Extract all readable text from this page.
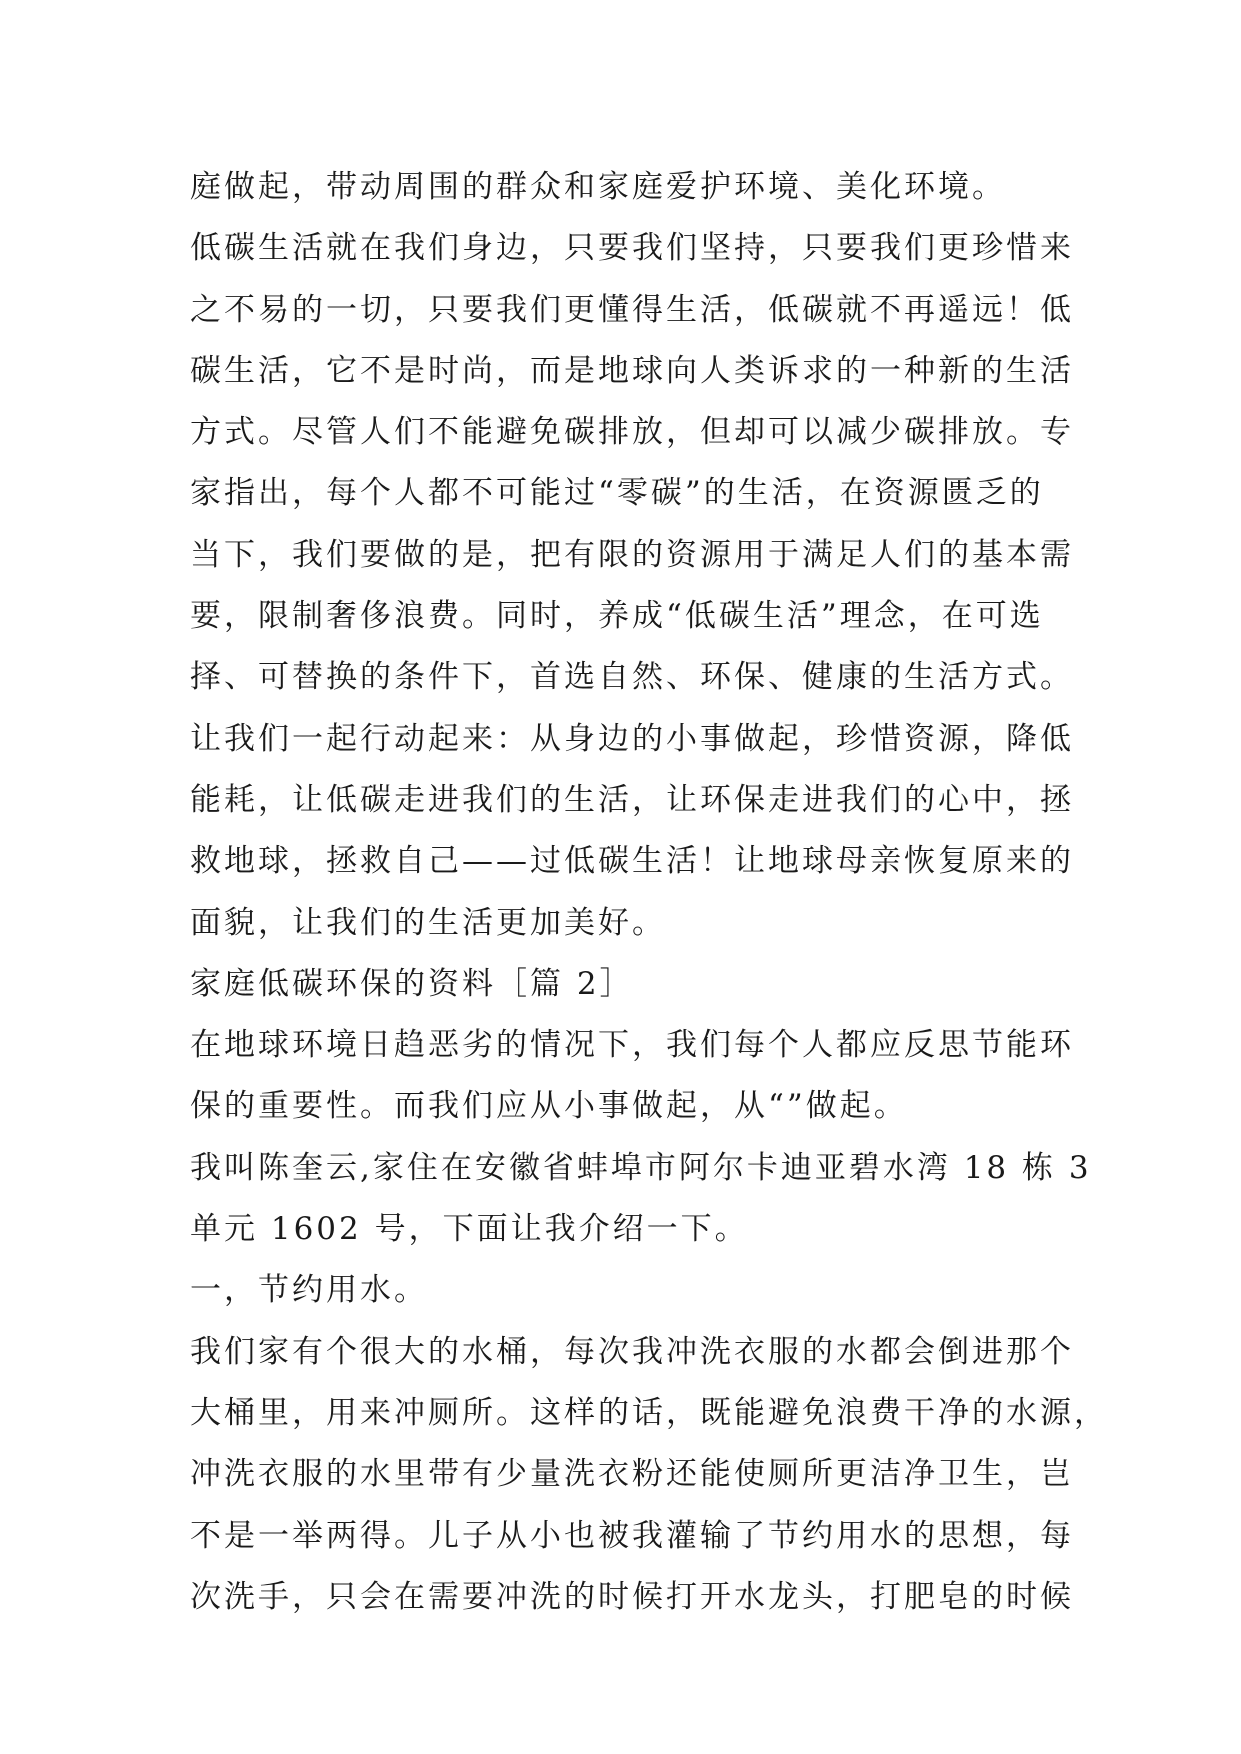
庭做起，带动周围的群众和家庭爱护环境、美化环境。
低碳生活就在我们身边，只要我们坚持，只要我们更珍惜来
之不易的一切，只要我们更懂得生活，低碳就不再遥远！低
碳生活，它不是时尚，而是地球向人类诉求的一种新的生活
方式。尽管人们不能避免碳排放，但却可以减少碳排放。专
家指出，每个人都不可能过“零碳”的生活，在资源匮乏的
当下，我们要做的是，把有限的资源用于满足人们的基本需
要，限制奢侈浪费。同时，养成“低碳生活”理念，在可选
择、可替换的条件下，首选自然、环保、健康的生活方式。
让我们一起行动起来：从身边的小事做起，珍惜资源，降低
能耗，让低碳走进我们的生活，让环保走进我们的心中，拯
救地球，拯救自己——过低碳生活！让地球母亲恢复原来的
面貌，让我们的生活更加美好。
家庭低碳环保的资料［篇 2］
在地球环境日趋恶劣的情况下，我们每个人都应反思节能环
保的重要性。而我们应从小事做起，从“”做起。
我叫陈奎云,家住在安徽省蚌埠市阿尔卡迪亚碧水湾 18 栋 3
单元 1602 号，下面让我介绍一下。
一，节约用水。
我们家有个很大的水桶，每次我冲洗衣服的水都会倒进那个
大桶里，用来冲厕所。这样的话，既能避免浪费干净的水源，
冲洗衣服的水里带有少量洗衣粉还能使厕所更洁净卫生，岂
不是一举两得。儿子从小也被我灌输了节约用水的思想，每
次洗手，只会在需要冲洗的时候打开水龙头，打肥皂的时候
